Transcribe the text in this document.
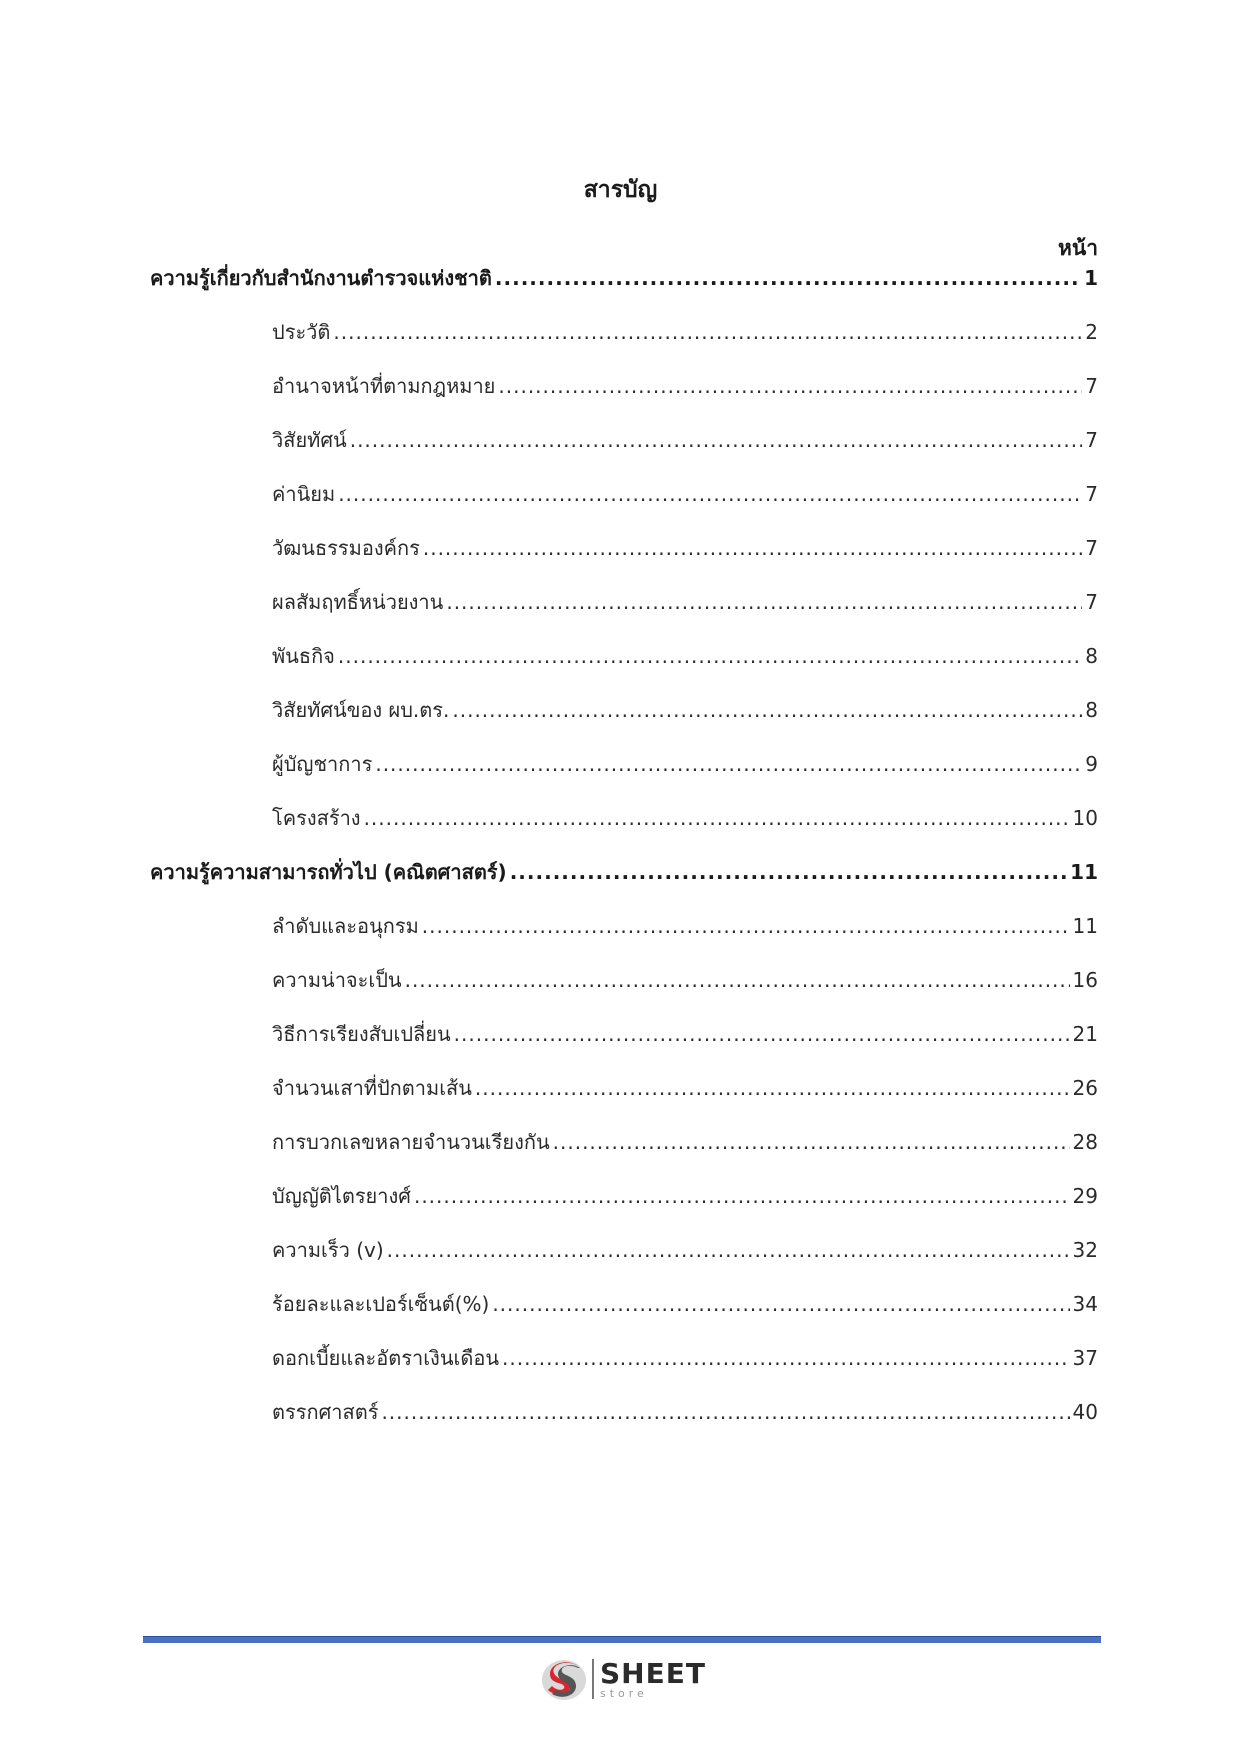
สารบัญ
หน้า
ความรู้เกี่ยวกับสำนักงานตำรวจแห่งชาติ .....	1
ประวัติ .....	2
อำนาจหน้าที่ตามกฎหมาย .....	7
วิสัยทัศน์ .....	7
ค่านิยม .....	7
วัฒนธรรมองค์กร .....	7
ผลสัมฤทธิ์หน่วยงาน .....	7
พันธกิจ .....	8
วิสัยทัศน์ของ ผบ.ตร. .....	8
ผู้บัญชาการ .....	9
โครงสร้าง .....	10
ความรู้ความสามารถทั่วไป (คณิตศาสตร์) .....	11
ลำดับและอนุกรม .....	11
ความน่าจะเป็น .....	16
วิธีการเรียงสับเปลี่ยน .....	21
จำนวนเสาที่ปักตามเส้น .....	26
การบวกเลขหลายจำนวนเรียงกัน .....	28
บัญญัติไตรยางศ์ .....	29
ความเร็ว (v) .....	32
ร้อยละและเปอร์เซ็นต์(%) .....	34
ดอกเบี้ยและอัตราเงินเดือน .....	37
ตรรกศาสตร์ .....	40
SHEET
store
